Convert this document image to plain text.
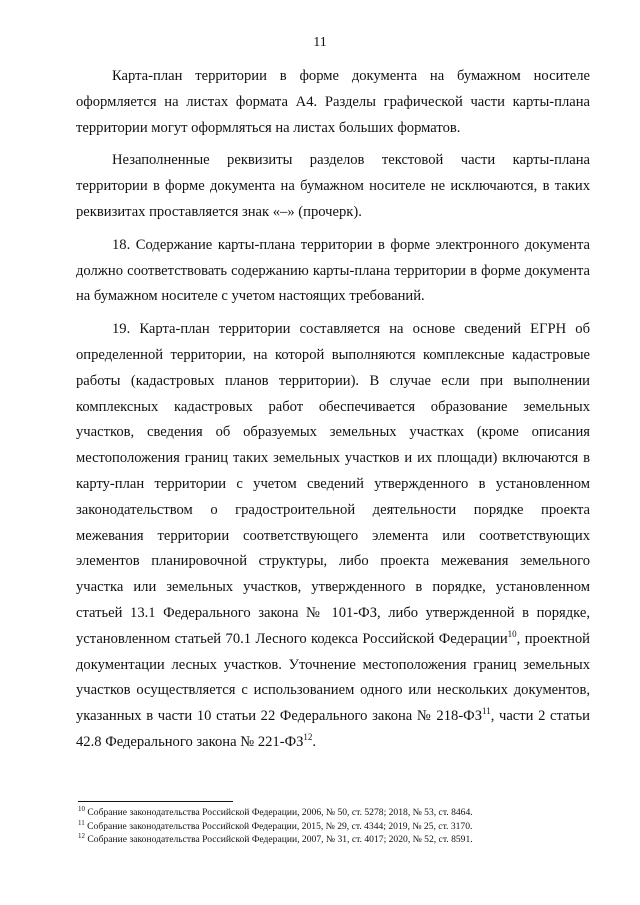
11

Карта-план территории в форме документа на бумажном носителе оформляется на листах формата А4. Разделы графической части карты-плана территории могут оформляться на листах больших форматов.

Незаполненные реквизиты разделов текстовой части карты-плана территории в форме документа на бумажном носителе не исключаются, в таких реквизитах проставляется знак «–» (прочерк).

18. Содержание карты-плана территории в форме электронного документа должно соответствовать содержанию карты-плана территории в форме документа на бумажном носителе с учетом настоящих требований.

19. Карта-план территории составляется на основе сведений ЕГРН об определенной территории, на которой выполняются комплексные кадастровые работы (кадастровых планов территории). В случае если при выполнении комплексных кадастровых работ обеспечивается образование земельных участков, сведения об образуемых земельных участках (кроме описания местоположения границ таких земельных участков и их площади) включаются в карту-план территории с учетом сведений утвержденного в установленном законодательством о градостроительной деятельности порядке проекта межевания территории соответствующего элемента или соответствующих элементов планировочной структуры, либо проекта межевания земельного участка или земельных участков, утвержденного в порядке, установленном статьей 13.1 Федерального закона № 101-ФЗ, либо утвержденной в порядке, установленном статьей 70.1 Лесного кодекса Российской Федерации$^{10}$, проектной документации лесных участков. Уточнение местоположения границ земельных участков осуществляется с использованием одного или нескольких документов, указанных в части 10 статьи 22 Федерального закона № 218-ФЗ$^{11}$, части 2 статьи 42.8 Федерального закона № 221-ФЗ$^{12}$.

$^{10}$ Собрание законодательства Российской Федерации, 2006, № 50, ст. 5278; 2018, № 53, ст. 8464.
$^{11}$ Собрание законодательства Российской Федерации, 2015, № 29, ст. 4344; 2019, № 25, ст. 3170.
$^{12}$ Собрание законодательства Российской Федерации, 2007, № 31, ст. 4017; 2020, № 52, ст. 8591.
